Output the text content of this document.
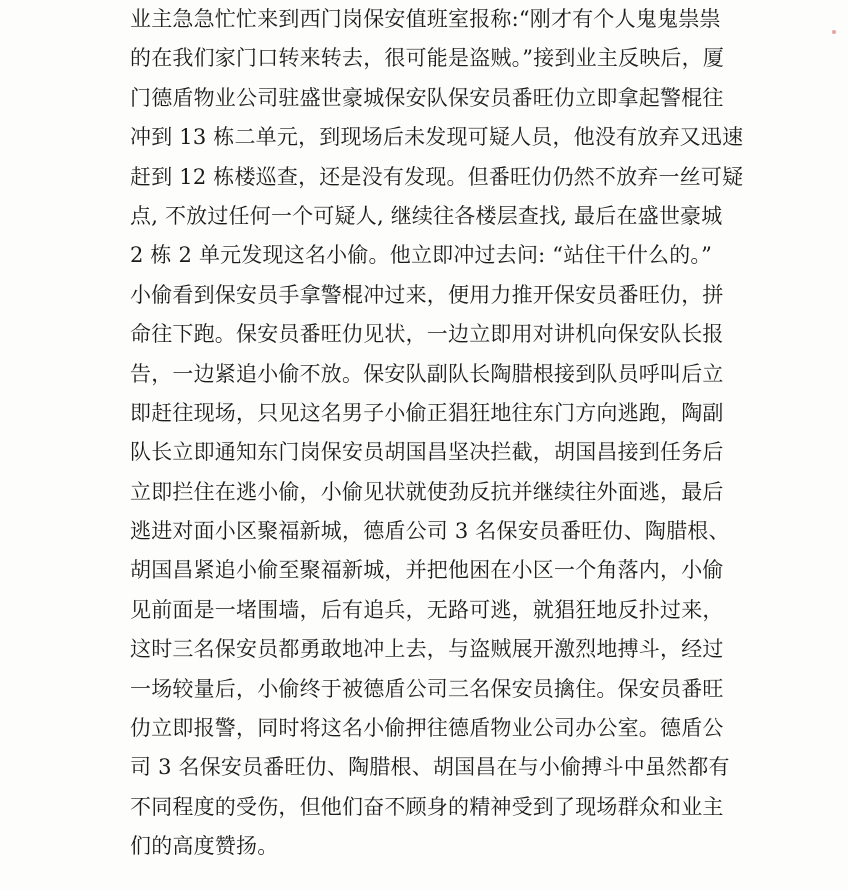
业主急急忙忙来到西门岗保安值班室报称:“刚才有个人鬼鬼祟祟
的在我们家门口转来转去，很可能是盗贼。”接到业主反映后，厦
门德盾物业公司驻盛世豪城保安队保安员番旺仂立即拿起警棍往
冲到 13 栋二单元，到现场后未发现可疑人员，他没有放弃又迅速
赶到 12 栋楼巡查，还是没有发现。但番旺仂仍然不放弃一丝可疑
点, 不放过任何一个可疑人, 继续往各楼层查找, 最后在盛世豪城
2 栋 2 单元发现这名小偷。他立即冲过去问: “站住干什么的。”
小偷看到保安员手拿警棍冲过来，便用力推开保安员番旺仂，拼
命往下跑。保安员番旺仂见状，一边立即用对讲机向保安队长报
告，一边紧追小偷不放。保安队副队长陶腊根接到队员呼叫后立
即赶往现场，只见这名男子小偷正猖狂地往东门方向逃跑，陶副
队长立即通知东门岗保安员胡国昌坚决拦截，胡国昌接到任务后
立即拦住在逃小偷，小偷见状就使劲反抗并继续往外面逃，最后
逃进对面小区聚福新城，德盾公司 3 名保安员番旺仂、陶腊根、
胡国昌紧追小偷至聚福新城，并把他困在小区一个角落内，小偷
见前面是一堵围墙，后有追兵，无路可逃，就猖狂地反扑过来，
这时三名保安员都勇敢地冲上去，与盗贼展开激烈地搏斗，经过
一场较量后，小偷终于被德盾公司三名保安员擒住。保安员番旺
仂立即报警，同时将这名小偷押往德盾物业公司办公室。德盾公
司 3 名保安员番旺仂、陶腊根、胡国昌在与小偷搏斗中虽然都有
不同程度的受伤，但他们奋不顾身的精神受到了现场群众和业主
们的高度赞扬。
